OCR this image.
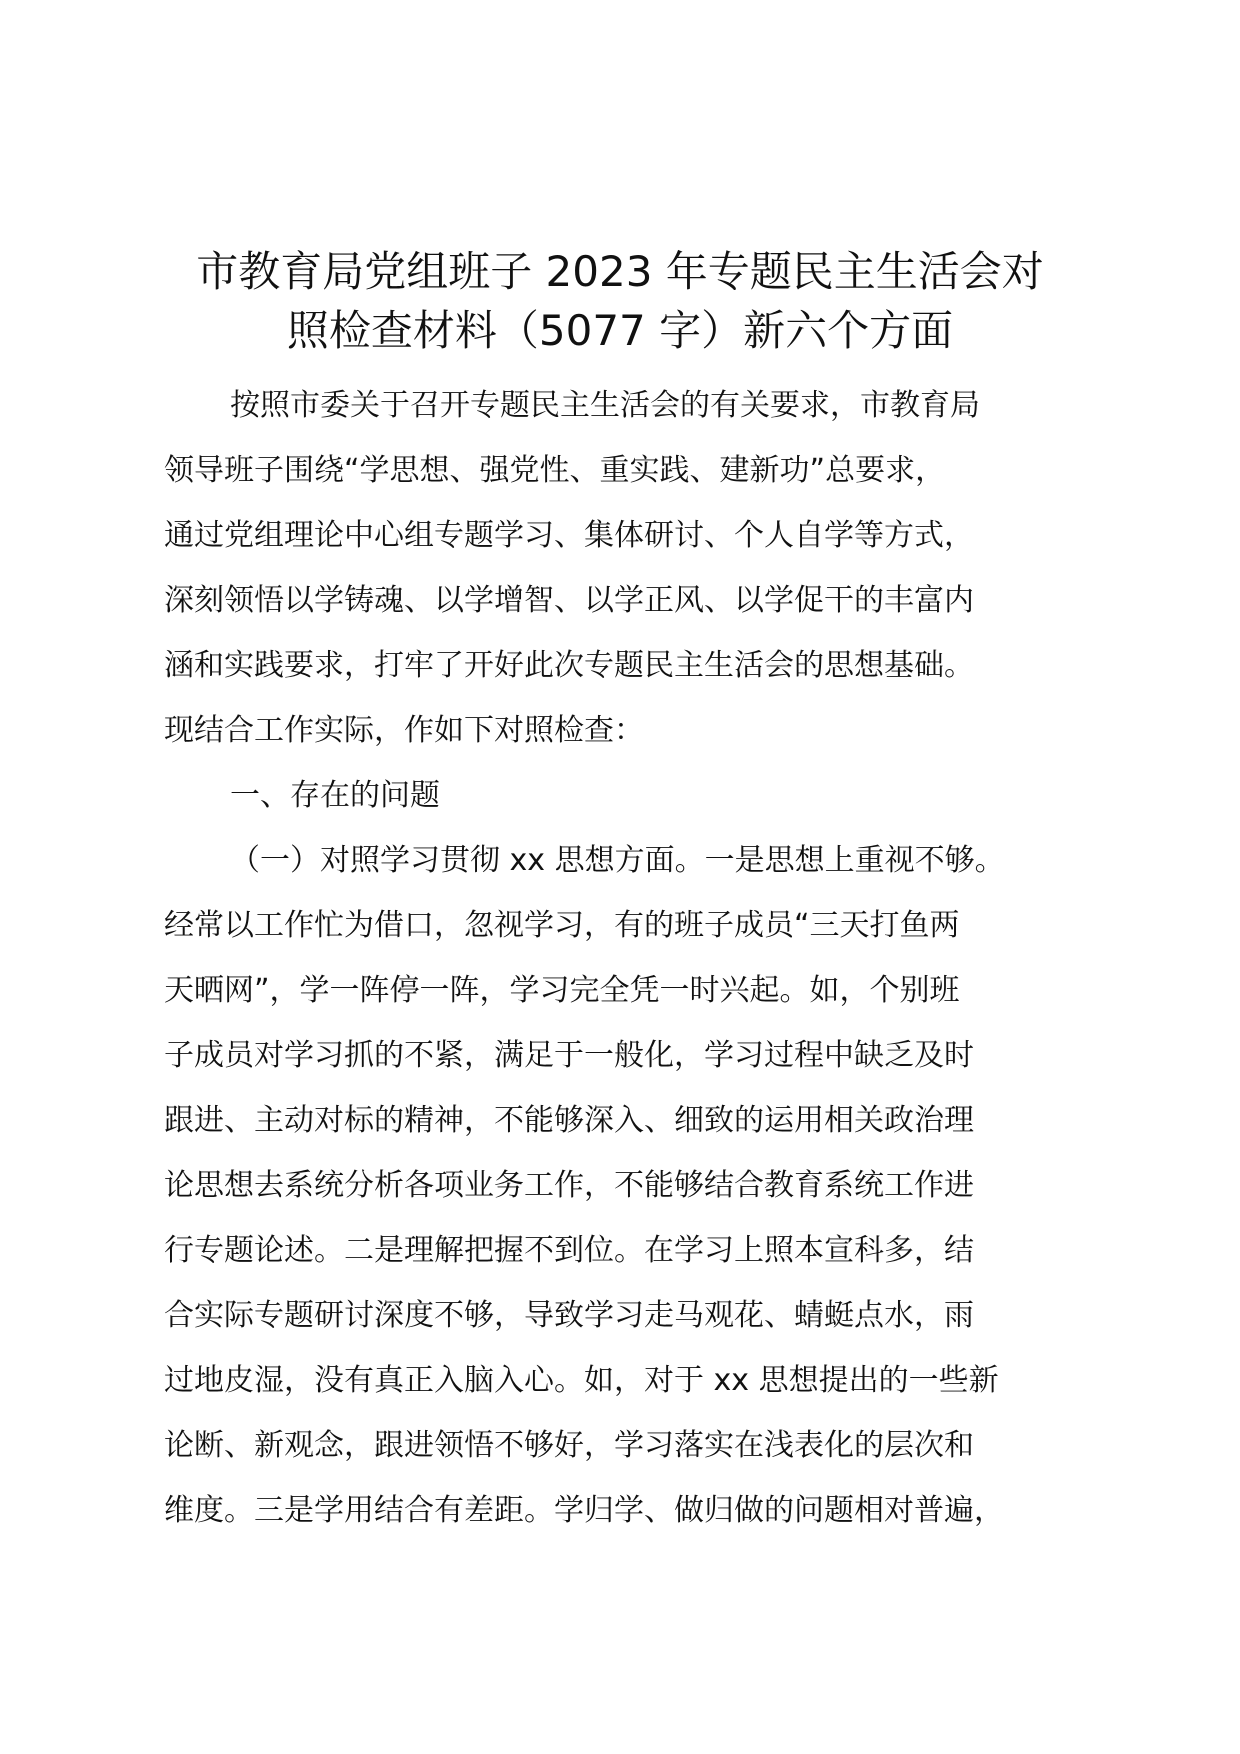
市教育局党组班子 2023 年专题民主生活会对
照检查材料（5077 字）新六个方面
按照市委关于召开专题民主生活会的有关要求，市教育局
领导班子围绕“学思想、强党性、重实践、建新功”总要求，
通过党组理论中心组专题学习、集体研讨、个人自学等方式，
深刻领悟以学铸魂、以学增智、以学正风、以学促干的丰富内
涵和实践要求，打牢了开好此次专题民主生活会的思想基础。
现结合工作实际，作如下对照检查：
一、存在的问题
（一）对照学习贯彻 xx 思想方面。一是思想上重视不够。
经常以工作忙为借口，忽视学习，有的班子成员“三天打鱼两
天晒网”，学一阵停一阵，学习完全凭一时兴起。如，个别班
子成员对学习抓的不紧，满足于一般化，学习过程中缺乏及时
跟进、主动对标的精神，不能够深入、细致的运用相关政治理
论思想去系统分析各项业务工作，不能够结合教育系统工作进
行专题论述。二是理解把握不到位。在学习上照本宣科多，结
合实际专题研讨深度不够，导致学习走马观花、蜻蜓点水，雨
过地皮湿，没有真正入脑入心。如，对于 xx 思想提出的一些新
论断、新观念，跟进领悟不够好，学习落实在浅表化的层次和
维度。三是学用结合有差距。学归学、做归做的问题相对普遍，
